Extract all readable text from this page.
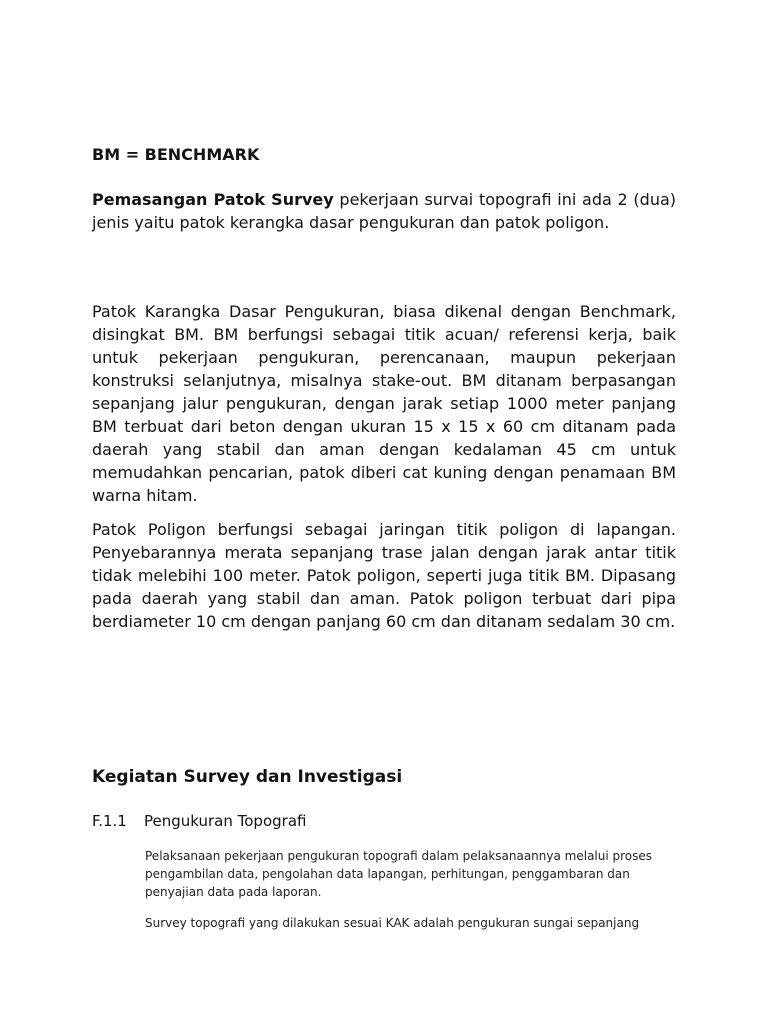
BM = BENCHMARK
Pemasangan Patok Survey pekerjaan survai topografi ini ada 2 (dua) jenis yaitu patok kerangka dasar pengukuran dan patok poligon.
Patok Karangka Dasar Pengukuran, biasa dikenal dengan Benchmark, disingkat BM. BM berfungsi sebagai titik acuan/ referensi kerja, baik untuk pekerjaan pengukuran, perencanaan, maupun pekerjaan konstruksi selanjutnya, misalnya stake-out. BM ditanam berpasangan sepanjang jalur pengukuran, dengan jarak setiap 1000 meter panjang BM terbuat dari beton dengan ukuran 15 x 15 x 60 cm ditanam pada daerah yang stabil dan aman dengan kedalaman 45 cm untuk memudahkan pencarian, patok diberi cat kuning dengan penamaan BM warna hitam.
Patok Poligon berfungsi sebagai jaringan titik poligon di lapangan. Penyebarannya merata sepanjang trase jalan dengan jarak antar titik tidak melebihi 100 meter. Patok poligon, seperti juga titik BM. Dipasang pada daerah yang stabil dan aman. Patok poligon terbuat dari pipa berdiameter 10 cm dengan panjang 60 cm dan ditanam sedalam 30 cm.
Kegiatan Survey dan Investigasi
F.1.1 Pengukuran Topografi
Pelaksanaan pekerjaan pengukuran topografi dalam pelaksanaannya melalui proses pengambilan data, pengolahan data lapangan, perhitungan, penggambaran dan penyajian data pada laporan.
Survey topografi yang dilakukan sesuai KAK adalah pengukuran sungai sepanjang
